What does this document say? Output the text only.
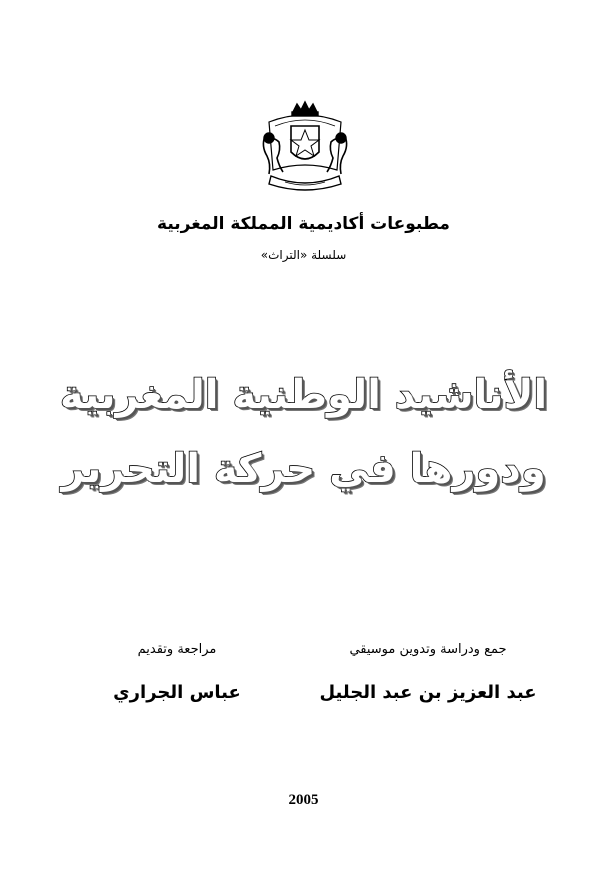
مطبوعات أكاديمية المملكة المغربية
سلسلة «التراث»
الأناشيد الوطنية المغربية
ودورها في حركة التحرير
جمع ودراسة وتدوين موسيقي
عبد العزيز بن عبد الجليل
مراجعة وتقديم
عباس الجراري
2005
